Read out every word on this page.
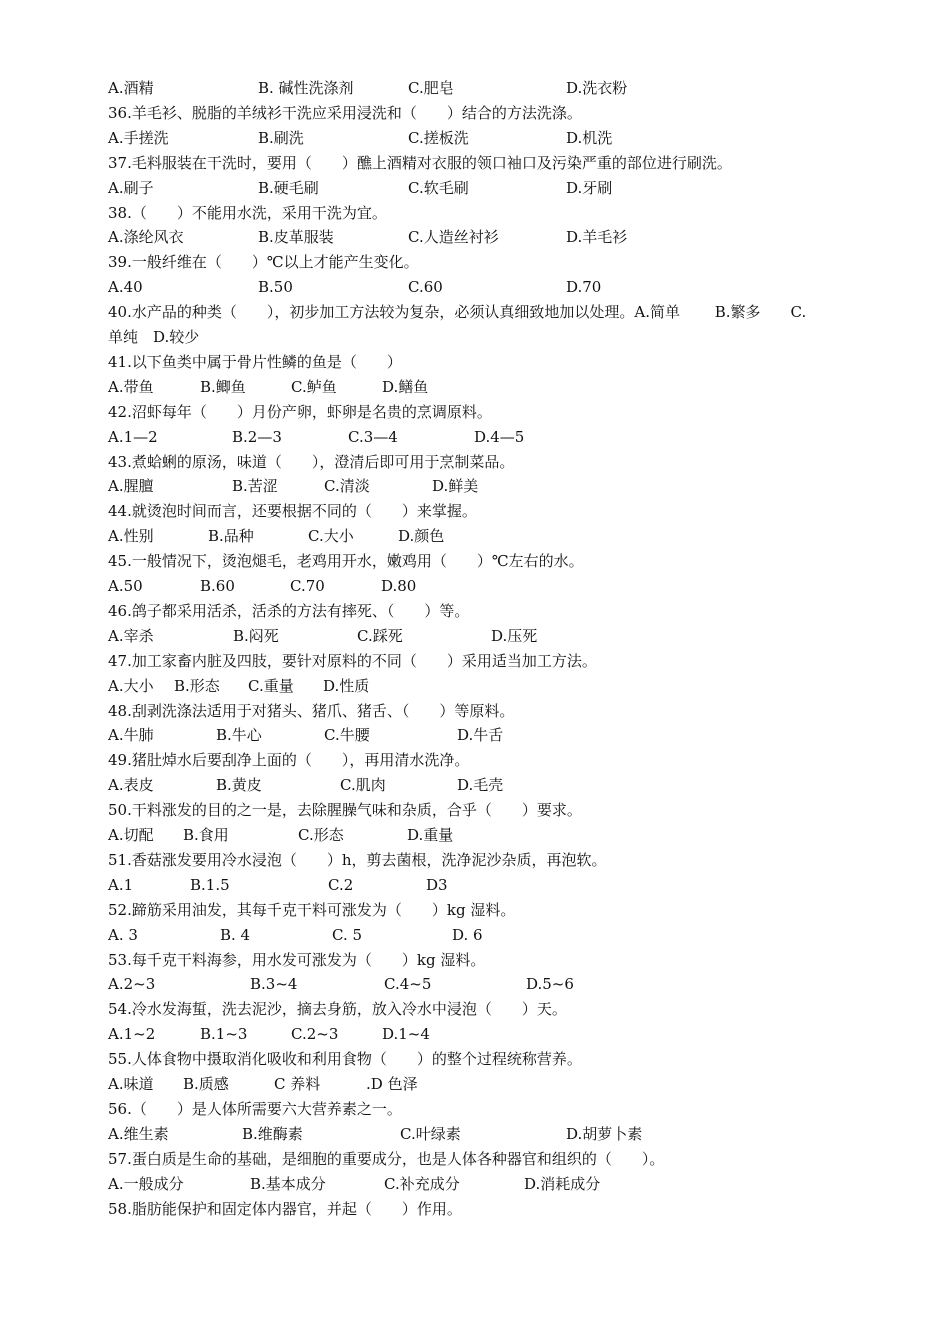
A.酒精	B. 碱性洗涤剂	C.肥皂	D.洗衣粉
36.羊毛衫、脱脂的羊绒衫干洗应采用浸洗和（　　）结合的方法洗涤。
A.手搓洗	B.刷洗	C.搓板洗	D.机洗
37.毛料服装在干洗时，要用（　　）醮上酒精对衣服的领口袖口及污染严重的部位进行刷洗。
A.刷子	B.硬毛刷	C.软毛刷	D.牙刷
38.（　　）不能用水洗，采用干洗为宜。
A.涤纶风衣	B.皮革服装	C.人造丝衬衫	D.羊毛衫
39.一般纤维在（　　）℃以上才能产生变化。
A.40	B.50	C.60	D.70
40.水产品的种类（　　），初步加工方法较为复杂，必须认真细致地加以处理。A.简单　　 B.繁多　　C.
单纯　D.较少
41.以下鱼类中属于骨片性鳞的鱼是（　　）
A.带鱼	B.鲫鱼	C.鲈鱼	D.鳝鱼
42.沼虾每年（　　）月份产卵，虾卵是名贵的烹调原料。
A.1—2	B.2—3	C.3—4	D.4—5
43.煮蛤蜊的原汤，味道（　　），澄清后即可用于烹制菜品。
A.腥膻	B.苦涩	C.清淡	D.鲜美
44.就烫泡时间而言，还要根据不同的（　　）来掌握。
A.性别	B.品种	C.大小	D.颜色
45.一般情况下，烫泡煺毛，老鸡用开水，嫩鸡用（　　）℃左右的水。
A.50	B.60	C.70	D.80
46.鸽子都采用活杀，活杀的方法有摔死、（　　）等。
A.宰杀	B.闷死	C.踩死	D.压死
47.加工家畜内脏及四肢，要针对原料的不同（　　）采用适当加工方法。
A.大小 B.形态 C.重量 D.性质
48.刮剥洗涤法适用于对猪头、猪爪、猪舌、（　　）等原料。
A.牛肺	B.牛心	C.牛腰	D.牛舌
49.猪肚焯水后要刮净上面的（　　），再用清水洗净。
A.表皮	B.黄皮	C.肌肉	D.毛壳
50.干料涨发的目的之一是，去除腥臊气味和杂质，合乎（　　）要求。
A.切配 B.食用	C.形态	D.重量
51.香菇涨发要用冷水浸泡（　　）h，剪去菌根，洗净泥沙杂质，再泡软。
A.1	B.1.5	C.2	D3
52.蹄筋采用油发，其每千克干料可涨发为（　　）kg 湿料。
A. 3	B. 4	C. 5	D. 6
53.每千克干料海参，用水发可涨发为（　　）kg 湿料。
A.2~3	B.3~4	C.4~5	D.5~6
54.冷水发海蜇，洗去泥沙，摘去身筋，放入冷水中浸泡（　　）天。
A.1~2	B.1~3	C.2~3	D.1~4
55.人体食物中摄取消化吸收和利用食物（　　）的整个过程统称营养。
A.味道 B.质感	C 养料	.D 色泽
56.（　　）是人体所需要六大营养素之一。
A.维生素	B.维酶素	C.叶绿素	D.胡萝卜素
57.蛋白质是生命的基础，是细胞的重要成分，也是人体各种器官和组织的（　　）。
A.一般成分	B.基本成分	C.补充成分	D.消耗成分
58.脂肪能保护和固定体内器官，并起（　　）作用。
